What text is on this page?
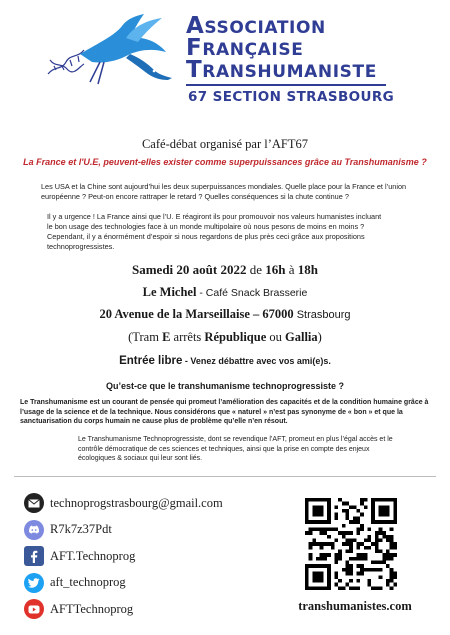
ASSOCIATION
FRANÇAISE
TRANSHUMANISTE
67 SECTION STRASBOURG
Café-débat organisé par l’AFT67
La France et l'U.E, peuvent-elles exister comme superpuissances grâce au Transhumanisme ?
Les USA et la Chine sont aujourd’hui les deux superpuissances mondiales. Quelle place pour la France et l’union européenne ? Peut-on encore rattraper le retard ? Quelles conséquences si la chute continue ?
Il y a urgence ! La France ainsi que l’U. E réagiront ils pour promouvoir nos valeurs humanistes incluant le bon usage des technologies face à un monde multipolaire où nous pesons de moins en moins ? Cependant, il y a énormément d’espoir si nous regardons de plus près ceci grâce aux propositions technoprogressistes.
Samedi 20 août 2022 de 16h à 18h
Le Michel - Café Snack Brasserie
20 Avenue de la Marseillaise – 67000 Strasbourg
(Tram E arrêts République ou Gallia)
Entrée libre - Venez débattre avec vos ami(e)s.
Qu’est-ce que le transhumanisme technoprogressiste ?
Le Transhumanisme est un courant de pensée qui promeut l’amélioration des capacités et de la condition humaine grâce à l’usage de la science et de la technique. Nous considérons que « naturel » n’est pas synonyme de « bon » et que la sanctuarisation du corps humain ne cause plus de problème qu’elle n’en résout.
Le Transhumanisme Technoprogressiste, dont se revendique l’AFT, promeut en plus l’égal accès et le contrôle démocratique de ces sciences et techniques, ainsi que la prise en compte des enjeux écologiques & sociaux qui leur sont liés.
technoprogstrasbourg@gmail.com
R7k7z37Pdt
AFT.Technoprog
aft_technoprog
AFTTechnoprog	transhumanistes.com
